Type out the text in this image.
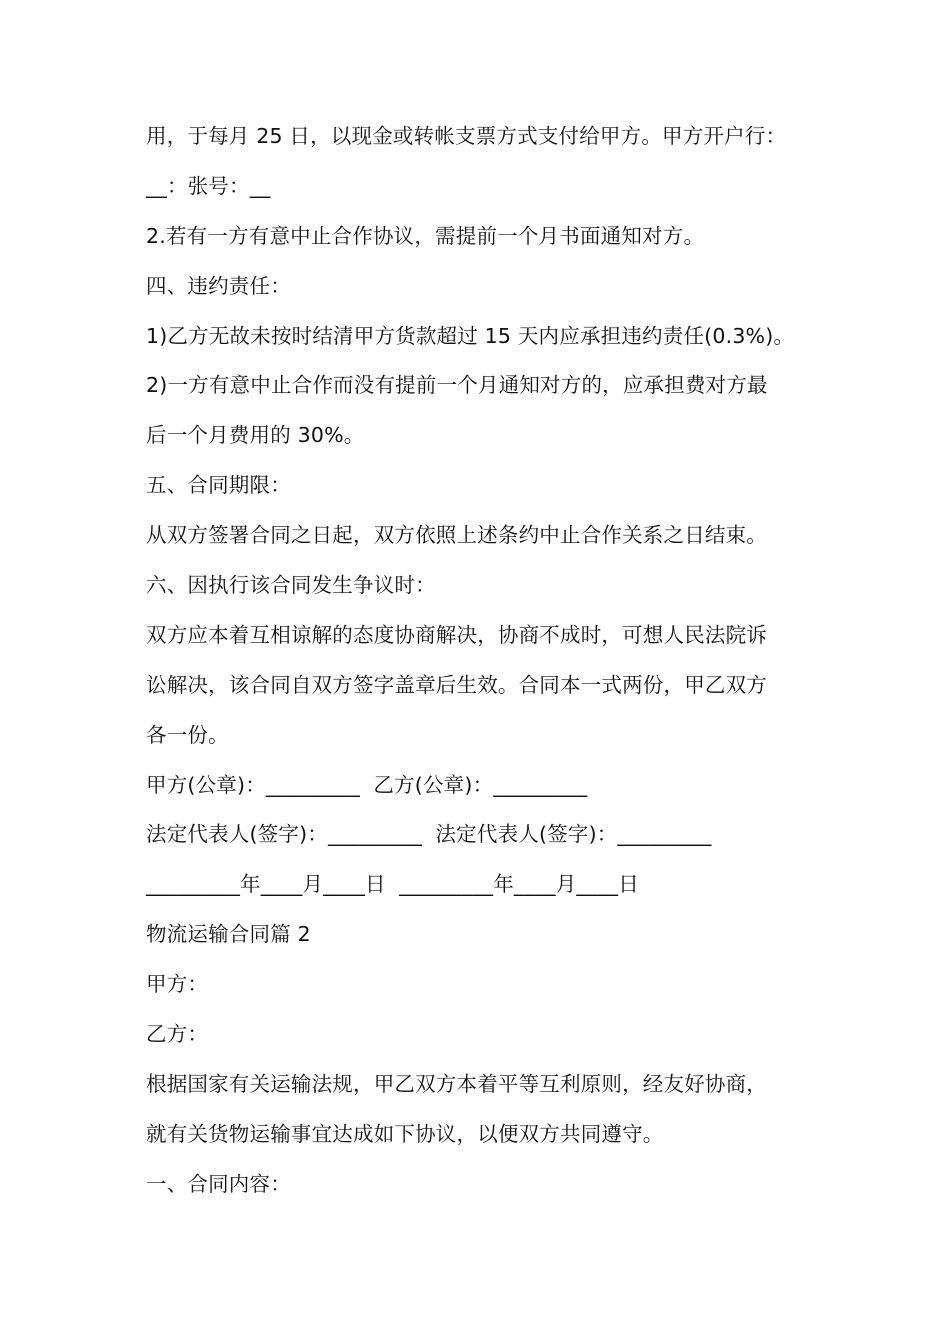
用，于每月 25 日，以现金或转帐支票方式支付给甲方。甲方开户行：
__：张号：__
2.若有一方有意中止合作协议，需提前一个月书面通知对方。
四、违约责任：
1)乙方无故未按时结清甲方货款超过 15 天内应承担违约责任(0.3%)。
2)一方有意中止合作而没有提前一个月通知对方的，应承担费对方最
后一个月费用的 30%。
五、合同期限：
从双方签署合同之日起，双方依照上述条约中止合作关系之日结束。
六、因执行该合同发生争议时：
双方应本着互相谅解的态度协商解决，协商不成时，可想人民法院诉
讼解决，该合同自双方签字盖章后生效。合同本一式两份，甲乙双方
各一份。
甲方(公章)：_________  乙方(公章)：_________
法定代表人(签字)：_________  法定代表人(签字)：_________
_________年____月____日  _________年____月____日
物流运输合同篇 2
甲方：
乙方：
根据国家有关运输法规，甲乙双方本着平等互利原则，经友好协商，
就有关货物运输事宜达成如下协议，以便双方共同遵守。
一、合同内容：
